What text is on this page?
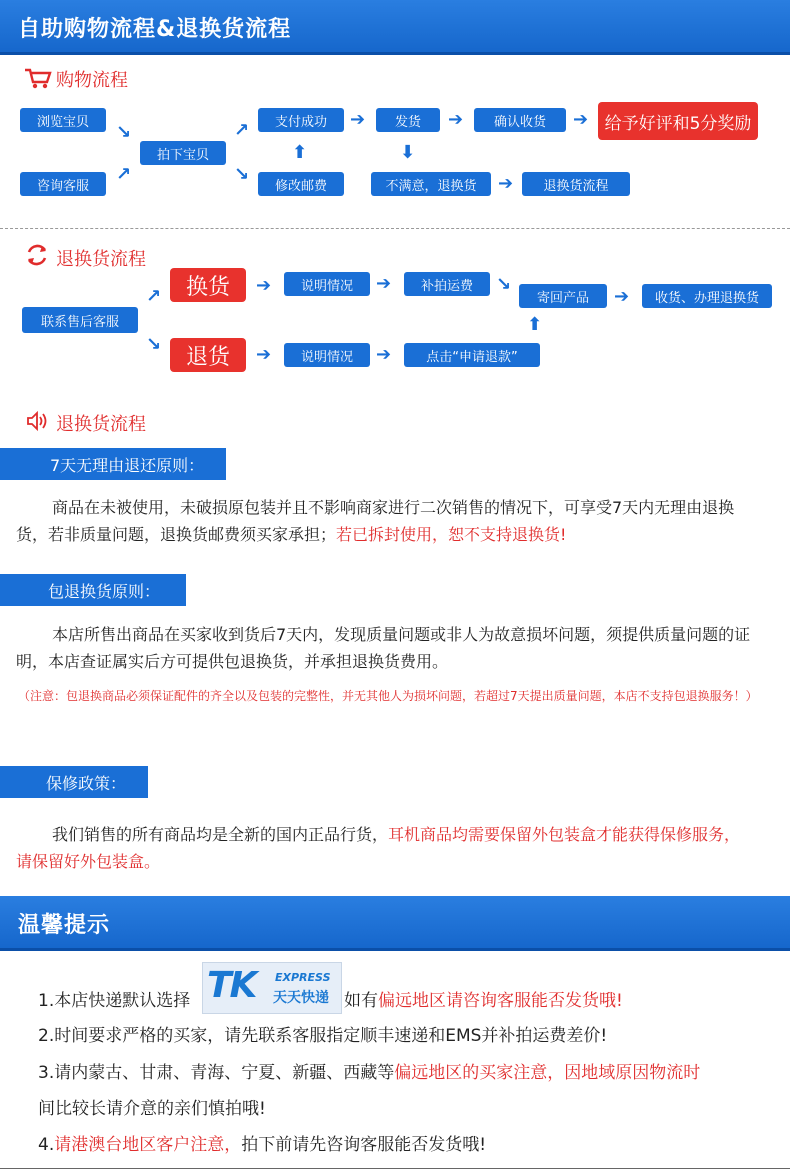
自助购物流程&退换货流程
购物流程
浏览宝贝
咨询客服
↘
↗
拍下宝贝
↗
↘
支付成功
⬆
修改邮费
➔	发货
⬇
➔	确认收货	➔ 给予好评和5分奖励
不满意，退换货	➔	退换货流程
退换货流程
联系售后客服
↗
↘
换货
退货
➔
➔
说明情况
说明情况
➔
➔
补拍运费
点击“申请退款”
↘
寄回产品
⬆
➔	收货、办理退换货
退换货流程
7天无理由退还原则：
商品在未被使用，未破损原包装并且不影响商家进行二次销售的情况下，可享受7天内无理由退换货，若非质量问题，退换货邮费须买家承担；若已拆封使用，恕不支持退换货!
包退换货原则：
本店所售出商品在买家收到货后7天内，发现质量问题或非人为故意损坏问题，须提供质量问题的证明，本店查证属实后方可提供包退换货，并承担退换货费用。
（注意：包退换商品必须保证配件的齐全以及包装的完整性，并无其他人为损坏问题，若超过7天提出质量问题，本店不支持包退换服务！）
保修政策：
我们销售的所有商品均是全新的国内正品行货，耳机商品均需要保留外包装盒才能获得保修服务，请保留好外包装盒。
温馨提示
1.本店快递默认选择 TK EXPRESS
天天快递 如有偏远地区请咨询客服能否发货哦!
2.时间要求严格的买家，请先联系客服指定顺丰速递和EMS并补拍运费差价!
3.请内蒙古、甘肃、青海、宁夏、新疆、西藏等偏远地区的买家注意，因地域原因物流时
间比较长请介意的亲们慎拍哦!
4.请港澳台地区客户注意，拍下前请先咨询客服能否发货哦!
